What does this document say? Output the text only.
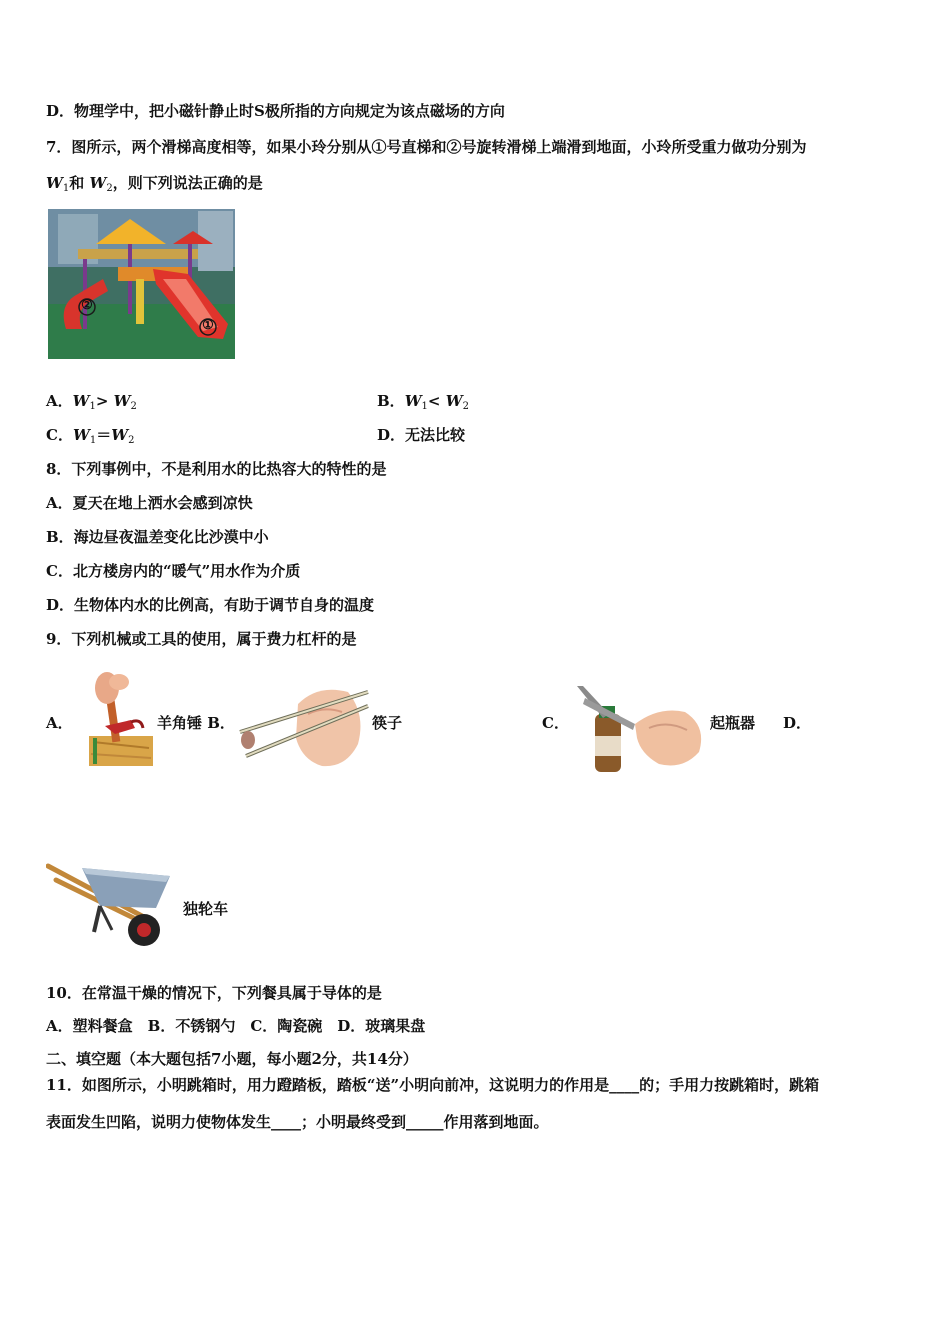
D．物理学中，把小磁针静止时S极所指的方向规定为该点磁场的方向
7．图所示，两个滑梯高度相等，如果小玲分别从①号直梯和②号旋转滑梯上端滑到地面，小玲所受重力做功分别为
$W_1$和 $W_2$，则下列说法正确的是
②
①
A．$W_1> W_2$	B．$W_1< W_2$
C．$W_1=W_2$	D．无法比较
8．下列事例中，不是利用水的比热容大的特性的是
A．夏天在地上洒水会感到凉快
B．海边昼夜温差变化比沙漠中小
C．北方楼房内的“暖气”用水作为介质
D．生物体内水的比例高，有助于调节自身的温度
9．下列机械或工具的使用，属于费力杠杆的是
A．	羊角锤 B．	筷子	C．	起瓶器 D．
独轮车
10．在常温干燥的情况下，下列餐具属于导体的是
A．塑料餐盒　B．不锈钢勺　C．陶瓷碗　D．玻璃果盘
二、填空题（本大题包括7小题，每小题2分，共14分）
11．如图所示，小明跳箱时，用力蹬踏板，踏板“送”小明向前冲，这说明力的作用是____的；手用力按跳箱时，跳箱
表面发生凹陷，说明力使物体发生____；小明最终受到_____作用落到地面。
